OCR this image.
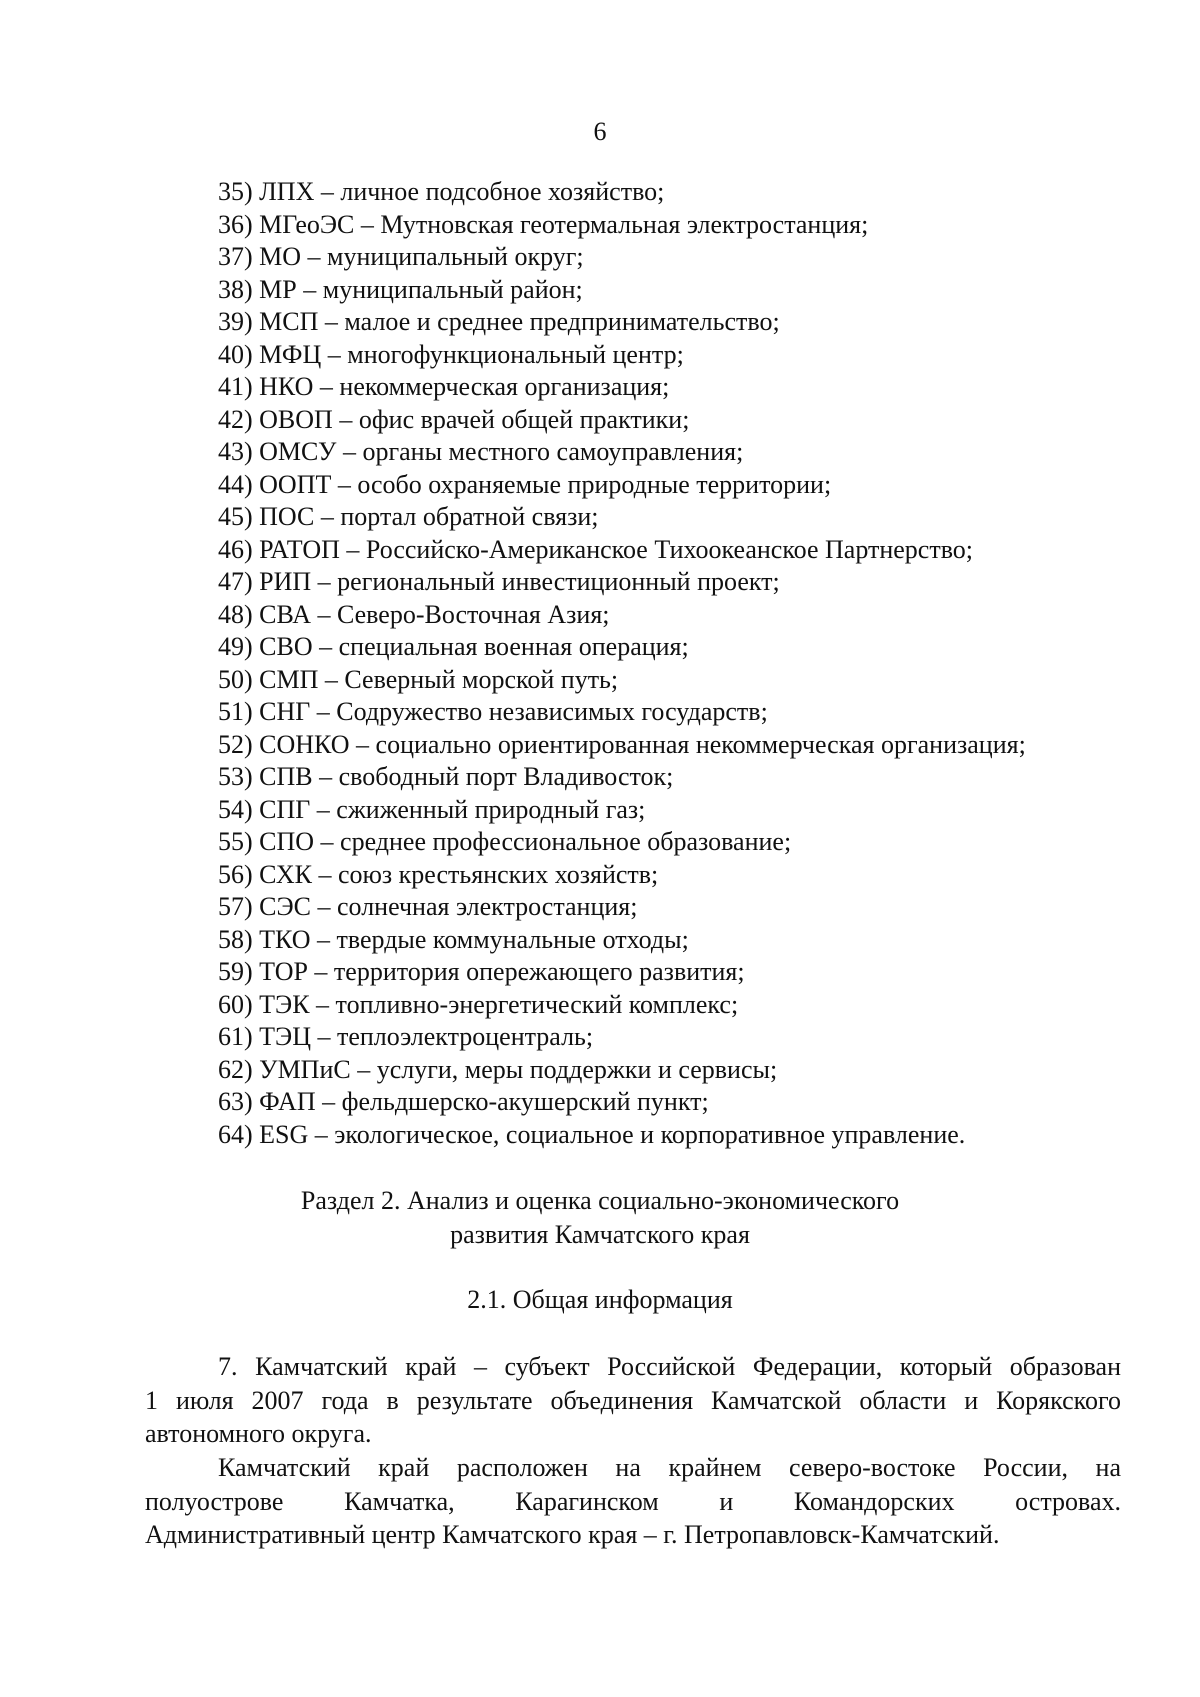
6
35) ЛПХ – личное подсобное хозяйство;
36) МГеоЭС – Мутновская геотермальная электростанция;
37) МО – муниципальный округ;
38) МР – муниципальный район;
39) МСП – малое и среднее предпринимательство;
40) МФЦ – многофункциональный центр;
41) НКО – некоммерческая организация;
42) ОВОП – офис врачей общей практики;
43) ОМСУ – органы местного самоуправления;
44) ООПТ – особо охраняемые природные территории;
45) ПОС – портал обратной связи;
46) РАТОП – Российско-Американское Тихоокеанское Партнерство;
47) РИП – региональный инвестиционный проект;
48) СВА – Северо-Восточная Азия;
49) СВО – специальная военная операция;
50) СМП – Северный морской путь;
51) СНГ – Содружество независимых государств;
52) СОНКО – социально ориентированная некоммерческая организация;
53) СПВ – свободный порт Владивосток;
54) СПГ – сжиженный природный газ;
55) СПО – среднее профессиональное образование;
56) СХК – союз крестьянских хозяйств;
57) СЭС – солнечная электростанция;
58) ТКО – твердые коммунальные отходы;
59) ТОР – территория опережающего развития;
60) ТЭК – топливно-энергетический комплекс;
61) ТЭЦ – теплоэлектроцентраль;
62) УМПиС – услуги, меры поддержки и сервисы;
63) ФАП – фельдшерско-акушерский пункт;
64) ESG – экологическое, социальное и корпоративное управление.
Раздел 2. Анализ и оценка социально-экономического
развития Камчатского края
2.1. Общая информация
7. Камчатский край – субъект Российской Федерации, который образован
1 июля 2007 года в результате объединения Камчатской области и Корякского
автономного округа.
Камчатский край расположен на крайнем северо-востоке России, на
полуострове Камчатка, Карагинском и Командорских островах.
Административный центр Камчатского края – г. Петропавловск-Камчатский.
